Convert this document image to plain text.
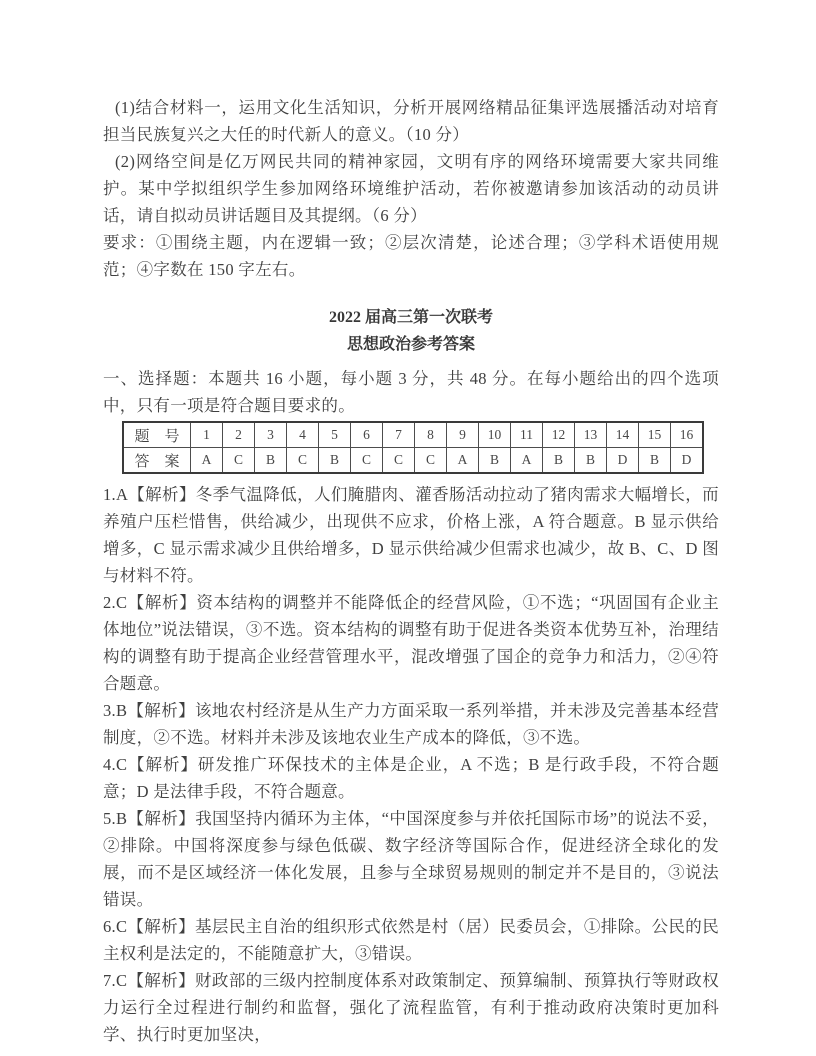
(1)结合材料一，运用文化生活知识，分析开展网络精品征集评选展播活动对培育担当民族复兴之大任的时代新人的意义。（10 分）

(2)网络空间是亿万网民共同的精神家园，文明有序的网络环境需要大家共同维护。某中学拟组织学生参加网络环境维护活动，若你被邀请参加该活动的动员讲话，请自拟动员讲话题目及其提纲。（6 分）

要求：①围绕主题，内在逻辑一致；②层次清楚，论述合理；③学科术语使用规范；④字数在 150 字左右。

2022 届高三第一次联考
思想政治参考答案

一、选择题：本题共 16 小题，每小题 3 分，共 48 分。在每小题给出的四个选项中，只有一项是符合题目要求的。

题　号	1	2	3	4	5	6	7	8	9	10	11	12	13	14	15	16
答　案	A	C	B	C	B	C	C	C	A	B	A	B	B	D	B	D

1.A【解析】冬季气温降低，人们腌腊肉、灌香肠活动拉动了猪肉需求大幅增长，而养殖户压栏惜售，供给减少，出现供不应求，价格上涨，A 符合题意。B 显示供给增多，C 显示需求减少且供给增多，D 显示供给减少但需求也减少，故 B、C、D 图与材料不符。

2.C【解析】资本结构的调整并不能降低企的经营风险，①不选；“巩固国有企业主体地位”说法错误，③不选。资本结构的调整有助于促进各类资本优势互补，治理结构的调整有助于提高企业经营管理水平，混改增强了国企的竞争力和活力，②④符合题意。

3.B【解析】该地农村经济是从生产力方面采取一系列举措，并未涉及完善基本经营制度，②不选。材料并未涉及该地农业生产成本的降低，③不选。

4.C【解析】研发推广环保技术的主体是企业，A 不选；B 是行政手段，不符合题意；D 是法律手段，不符合题意。

5.B【解析】我国坚持内循环为主体，“中国深度参与并依托国际市场”的说法不妥，②排除。中国将深度参与绿色低碳、数字经济等国际合作，促进经济全球化的发展，而不是区域经济一体化发展，且参与全球贸易规则的制定并不是目的，③说法错误。

6.C【解析】基层民主自治的组织形式依然是村（居）民委员会，①排除。公民的民主权利是法定的，不能随意扩大，③错误。

7.C【解析】财政部的三级内控制度体系对政策制定、预算编制、预算执行等财政权力运行全过程进行制约和监督，强化了流程监管，有利于推动政府决策时更加科学、执行时更加坚决，
